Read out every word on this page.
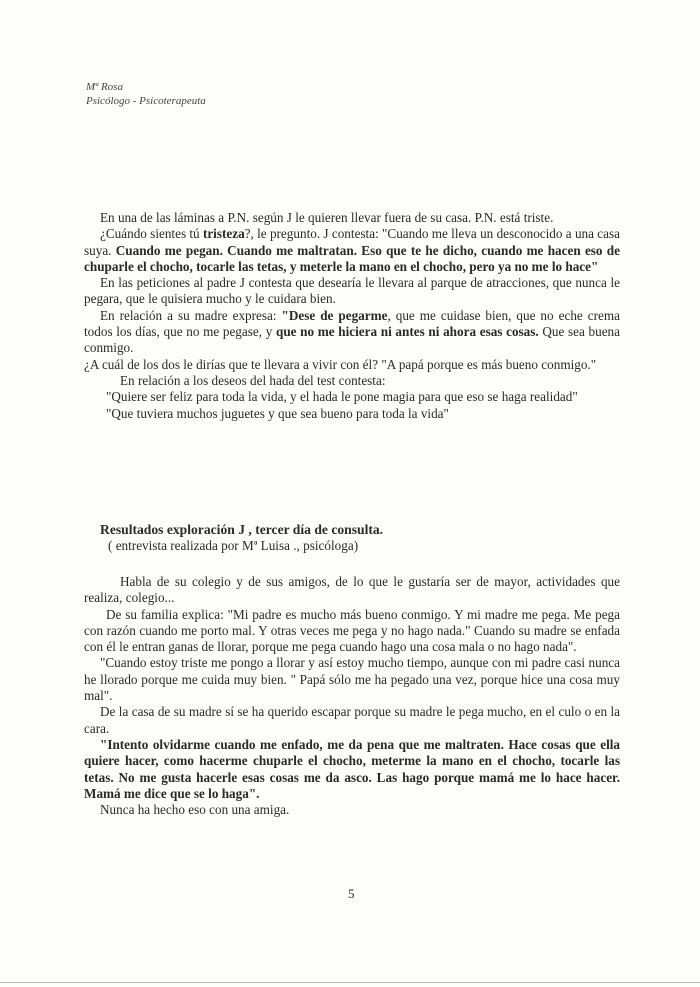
Mª Rosa
Psicólogo - Psicoterapeuta

En una de las láminas a P.N. según J le quieren llevar fuera de su casa. P.N. está triste.

¿Cuándo sientes tú tristeza?, le pregunto. J contesta: "Cuando me lleva un desconocido a una casa suya. Cuando me pegan. Cuando me maltratan. Eso que te he dicho, cuando me hacen eso de chuparle el chocho, tocarle las tetas, y meterle la mano en el chocho, pero ya no me lo hace"

En las peticiones al padre J contesta que desearía le llevara al parque de atracciones, que nunca le pegara, que le quisiera mucho y le cuidara bien.

En relación a su madre expresa: "Dese de pegarme, que me cuidase bien, que no eche crema todos los días, que no me pegase, y que no me hiciera ni antes ni ahora esas cosas. Que sea buena conmigo.

¿A cuál de los dos le dirías que te llevara a vivir con él? "A papá porque es más bueno conmigo."

En relación a los deseos del hada del test contesta:

"Quiere ser feliz para toda la vida, y el hada le pone magia para que eso se haga realidad"

"Que tuviera muchos juguetes y que sea bueno para toda la vida"

Resultados exploración J , tercer día de consulta.
( entrevista realizada por Mª Luisa ., psicóloga)

Habla de su colegio y de sus amigos, de lo que le gustaría ser de mayor, actividades que realiza, colegio...

De su familia explica: "Mi padre es mucho más bueno conmigo. Y mi madre me pega. Me pega con razón cuando me porto mal. Y otras veces me pega y no hago nada." Cuando su madre se enfada con él le entran ganas de llorar, porque me pega cuando hago una cosa mala o no hago nada".

"Cuando estoy triste me pongo a llorar y así estoy mucho tiempo, aunque con mi padre casi nunca he llorado porque me cuida muy bien. " Papá sólo me ha pegado una vez, porque hice una cosa muy mal".

De la casa de su madre sí se ha querido escapar porque su madre le pega mucho, en el culo o en la cara.

"Intento olvidarme cuando me enfado, me da pena que me maltraten. Hace cosas que ella quiere hacer, como hacerme chuparle el chocho, meterme la mano en el chocho, tocarle las tetas. No me gusta hacerle esas cosas me da asco. Las hago porque mamá me lo hace hacer. Mamá me dice que se lo haga".

Nunca ha hecho eso con una amiga.

5
